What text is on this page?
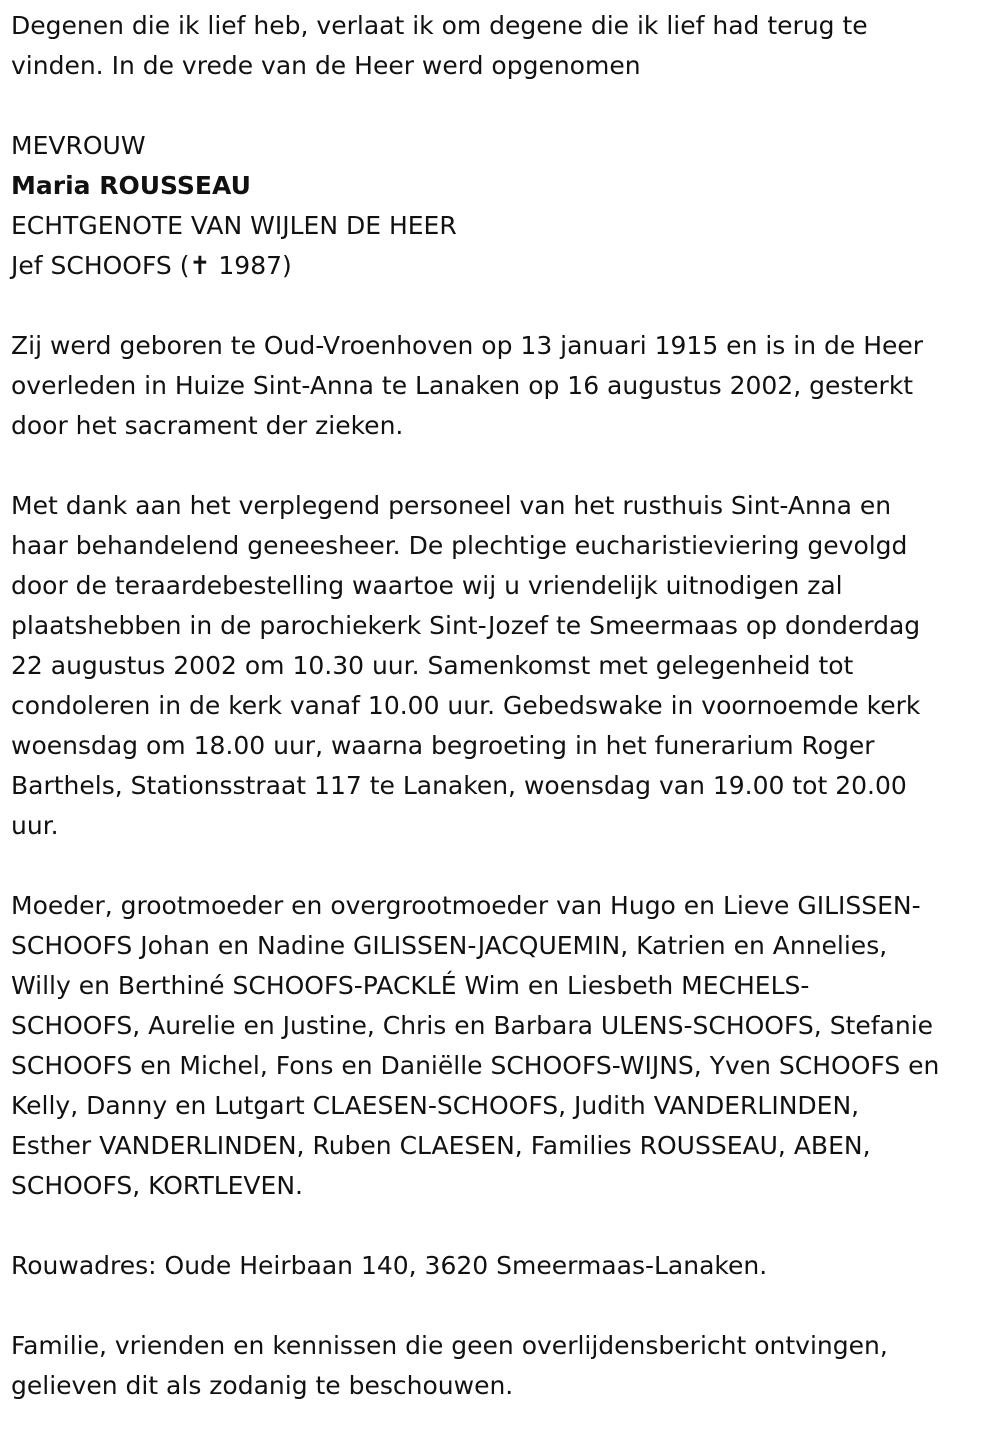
Degenen die ik lief heb, verlaat ik om degene die ik lief had terug te

vinden. In de vrede van de Heer werd opgenomen

MEVROUW

Maria ROUSSEAU

ECHTGENOTE VAN WIJLEN DE HEER

Jef SCHOOFS (✝ 1987)

Zij werd geboren te Oud-Vroenhoven op 13 januari 1915 en is in de Heer

overleden in Huize Sint-Anna te Lanaken op 16 augustus 2002, gesterkt

door het sacrament der zieken.

Met dank aan het verplegend personeel van het rusthuis Sint-Anna en

haar behandelend geneesheer. De plechtige eucharistieviering gevolgd

door de teraardebestelling waartoe wij u vriendelijk uitnodigen zal

plaatshebben in de parochiekerk Sint-Jozef te Smeermaas op donderdag

22 augustus 2002 om 10.30 uur. Samenkomst met gelegenheid tot

condoleren in de kerk vanaf 10.00 uur. Gebedswake in voornoemde kerk

woensdag om 18.00 uur, waarna begroeting in het funerarium Roger

Barthels, Stationsstraat 117 te Lanaken, woensdag van 19.00 tot 20.00

uur.

Moeder, grootmoeder en overgrootmoeder van Hugo en Lieve GILISSEN-

SCHOOFS Johan en Nadine GILISSEN-JACQUEMIN, Katrien en Annelies,

Willy en Berthiné SCHOOFS-PACKLÉ Wim en Liesbeth MECHELS-

SCHOOFS, Aurelie en Justine, Chris en Barbara ULENS-SCHOOFS, Stefanie

SCHOOFS en Michel, Fons en Daniëlle SCHOOFS-WIJNS, Yven SCHOOFS en

Kelly, Danny en Lutgart CLAESEN-SCHOOFS, Judith VANDERLINDEN,

Esther VANDERLINDEN, Ruben CLAESEN, Families ROUSSEAU, ABEN,

SCHOOFS, KORTLEVEN.

Rouwadres: Oude Heirbaan 140, 3620 Smeermaas-Lanaken.

Familie, vrienden en kennissen die geen overlijdensbericht ontvingen,

gelieven dit als zodanig te beschouwen.
